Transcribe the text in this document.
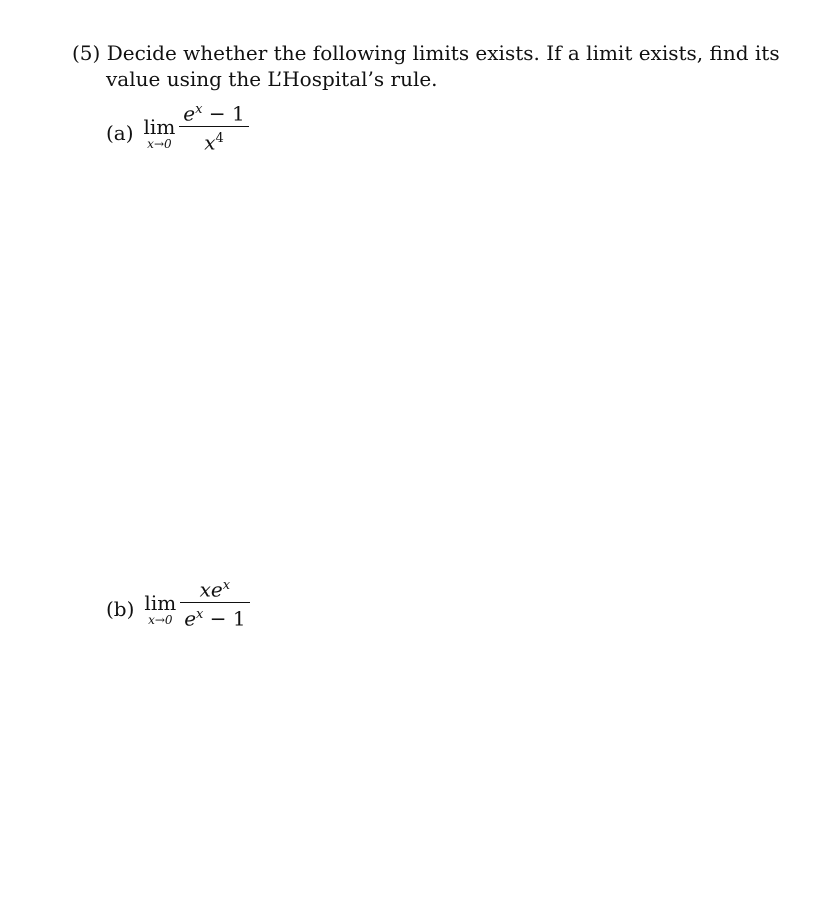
(5) Decide whether the following limits exists. If a limit exists, find its
value using the L’Hospital’s rule.
(a) lim
$x\to 0 \frac{e^x - 1}{x^4}$
(b) lim
$x\to 0 \frac{xe^x}{e^x - 1}$
